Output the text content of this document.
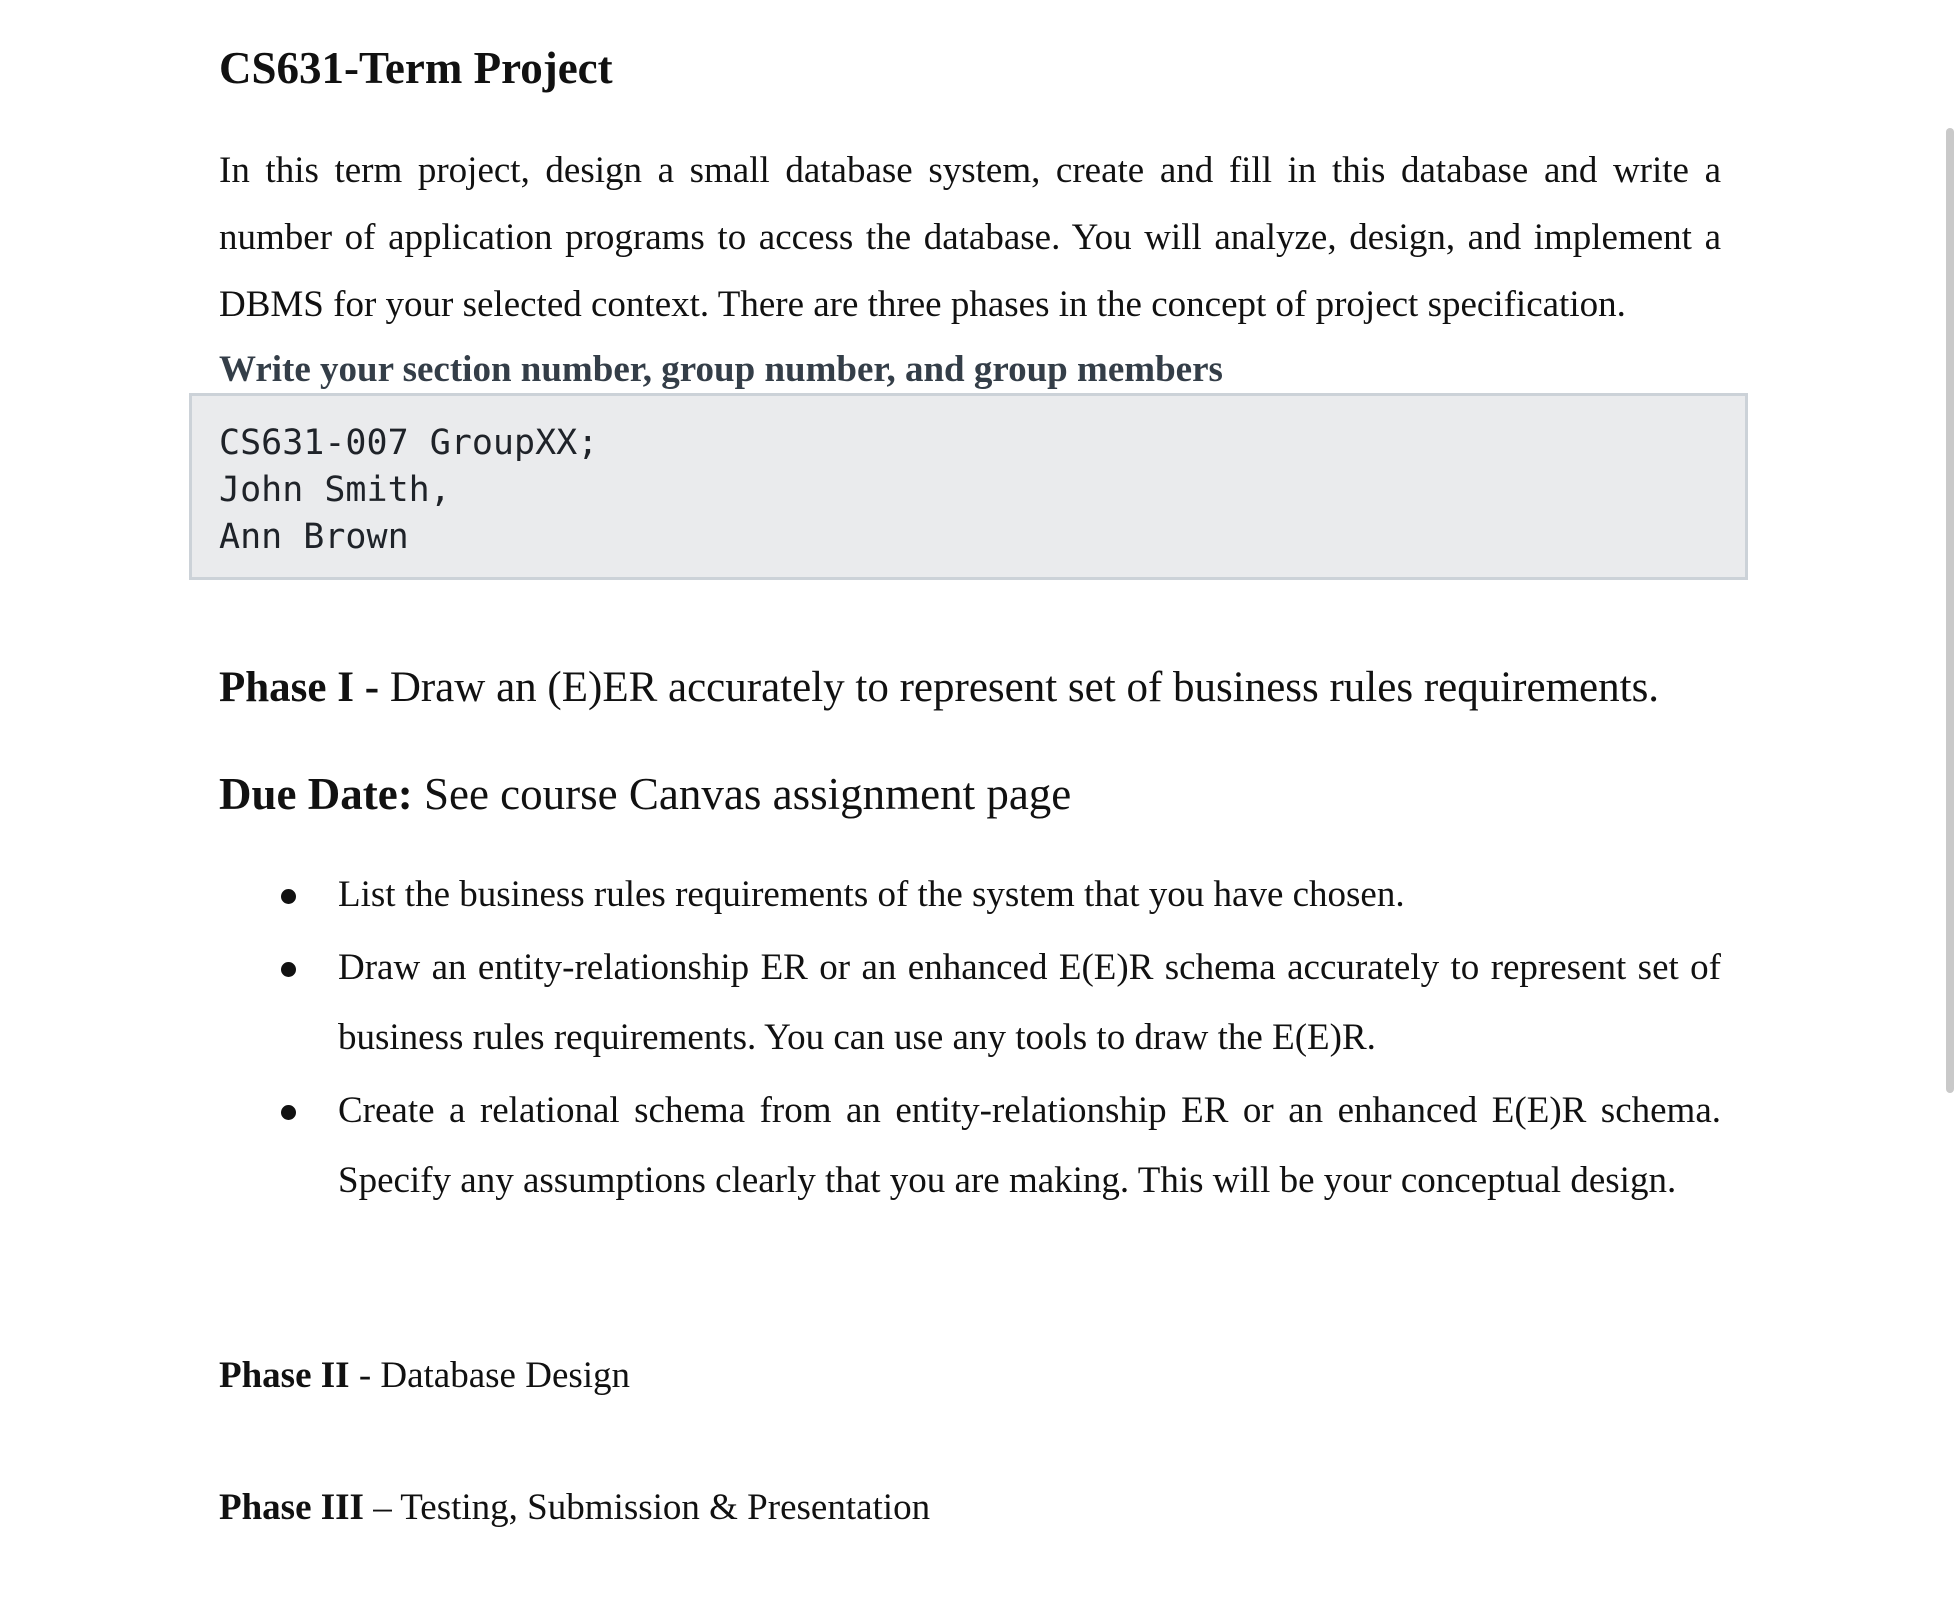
CS631-Term Project

In this term project, design a small database system, create and fill in this database and write a number of application programs to access the database. You will analyze, design, and implement a DBMS for your selected context. There are three phases in the concept of project specification.

Write your section number, group number, and group members

CS631-007 GroupXX;
John Smith,
Ann Brown

Phase I - Draw an (E)ER accurately to represent set of business rules requirements.

Due Date: See course Canvas assignment page

List the business rules requirements of the system that you have chosen.
Draw an entity-relationship ER or an enhanced E(E)R schema accurately to represent set of business rules requirements. You can use any tools to draw the E(E)R.
Create a relational schema from an entity-relationship ER or an enhanced E(E)R schema. Specify any assumptions clearly that you are making. This will be your conceptual design.

Phase II - Database Design

Phase III – Testing, Submission & Presentation
